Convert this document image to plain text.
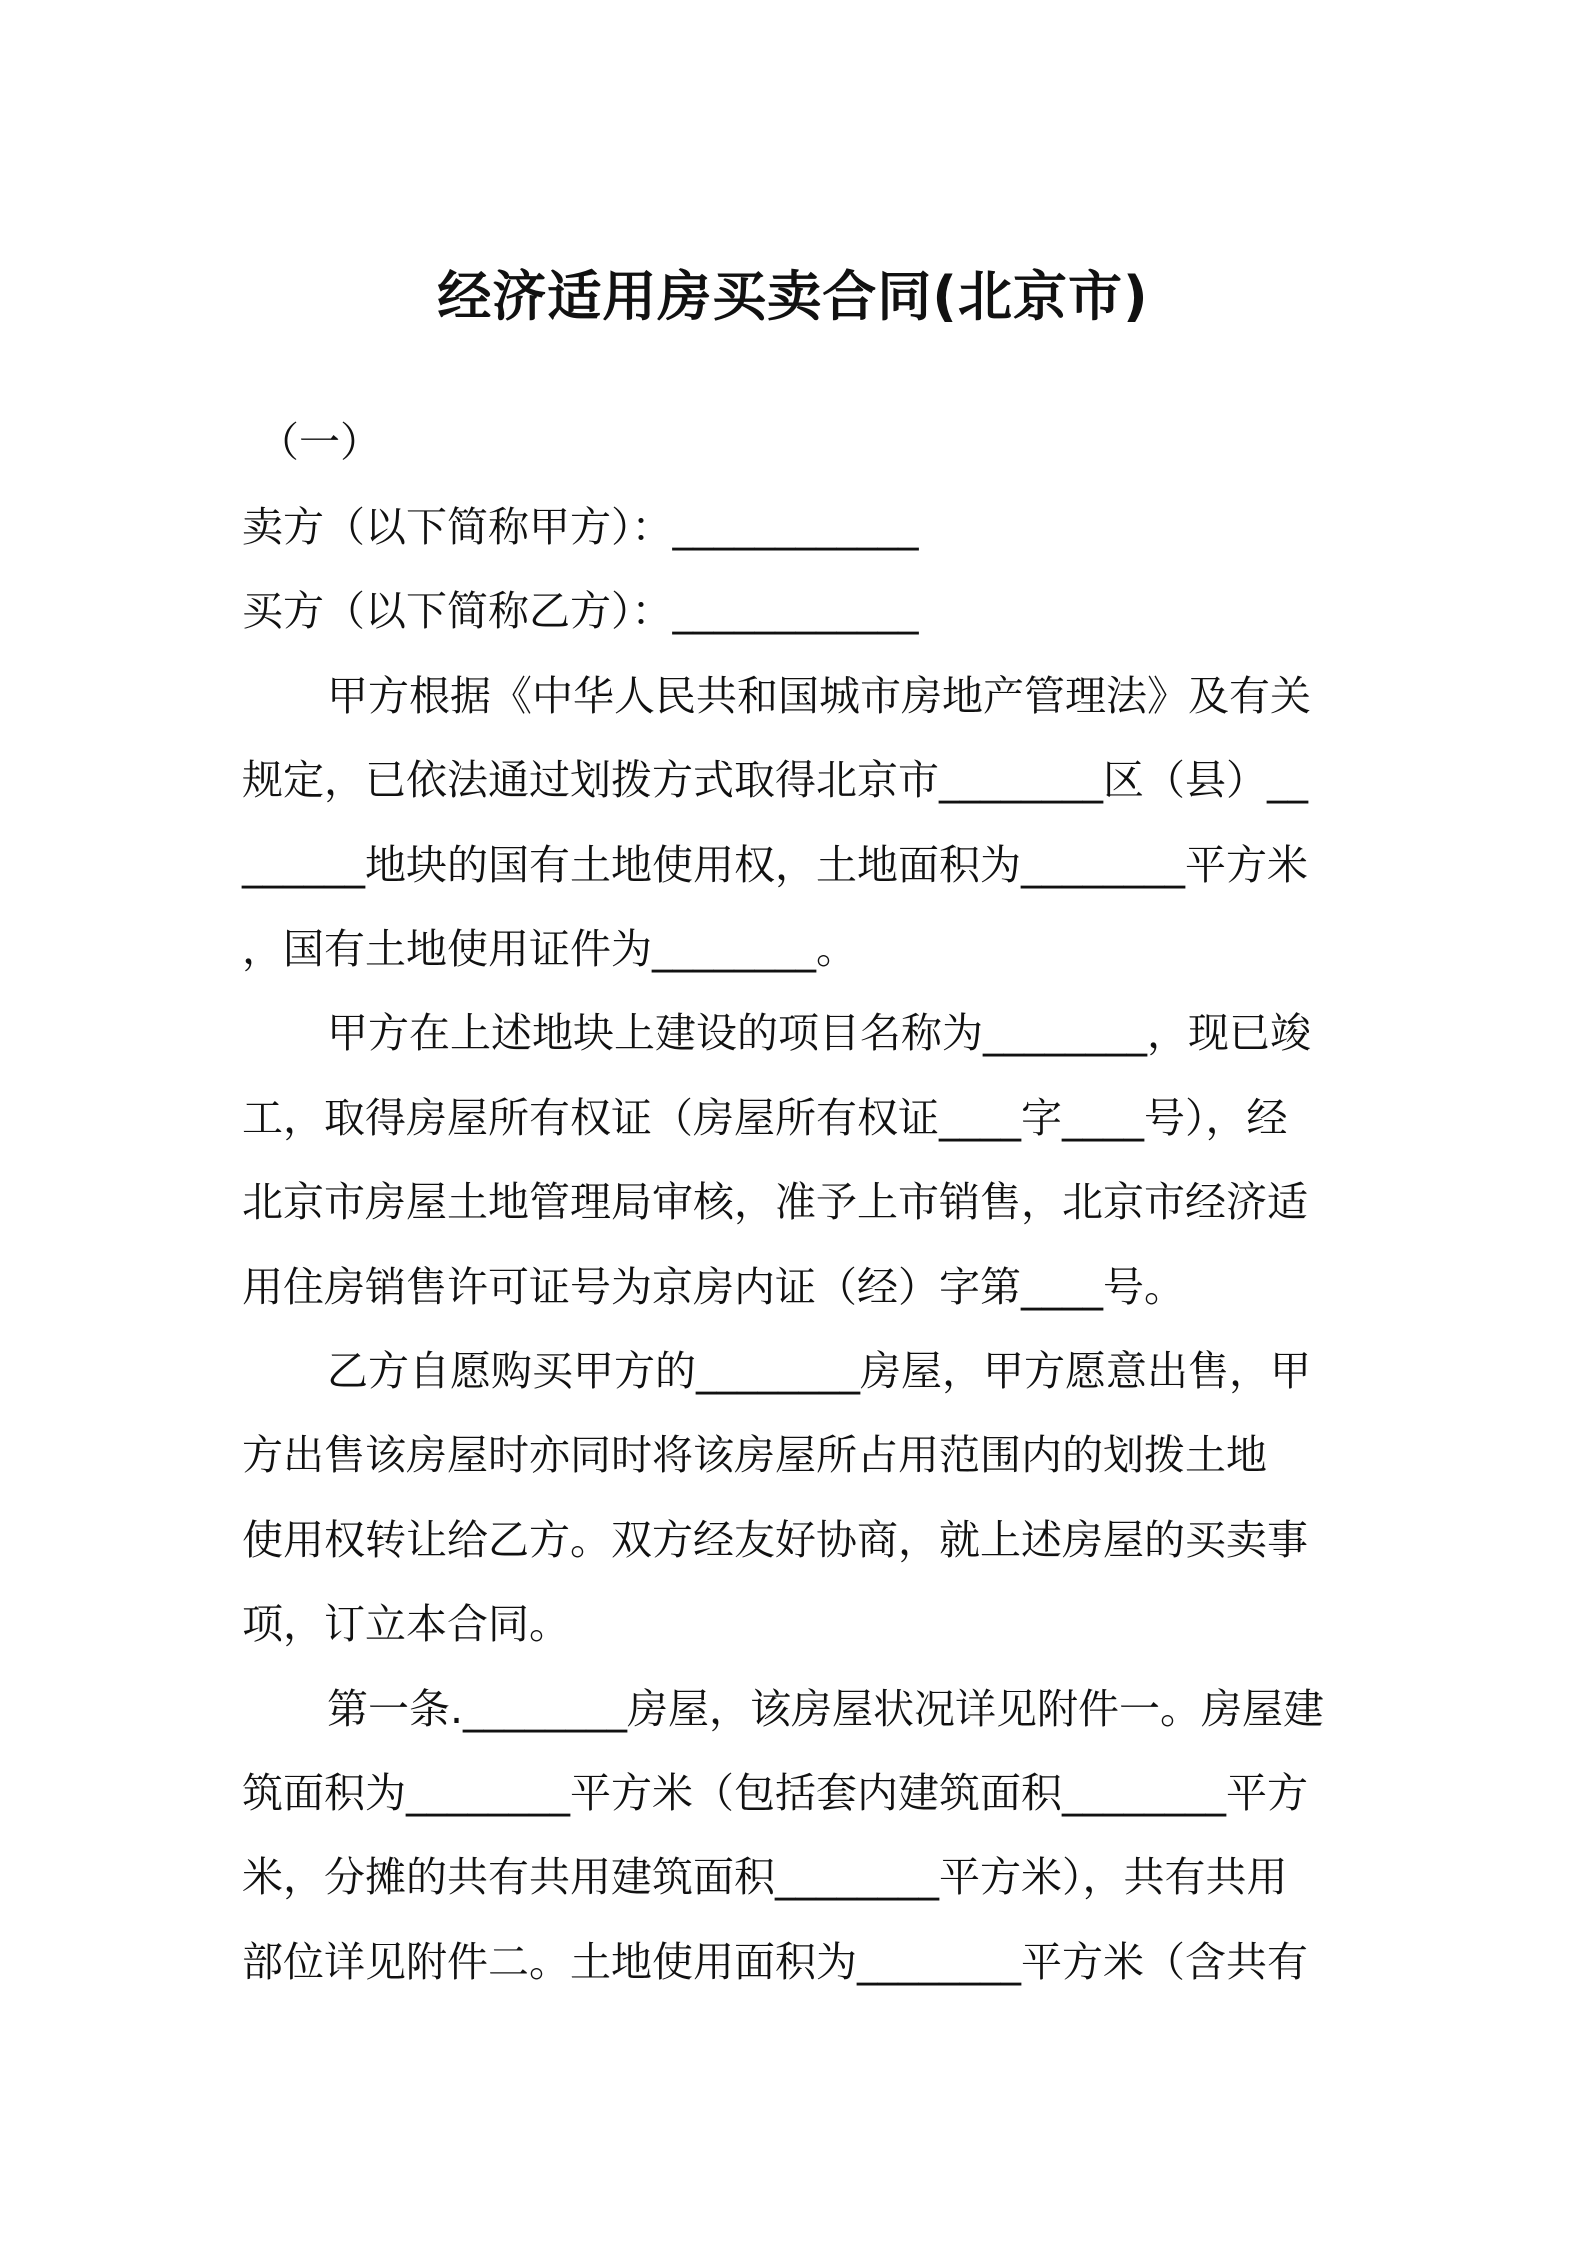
经济适用房买卖合同(北京市)
（一）
卖方（以下简称甲方）：____________
买方（以下简称乙方）：____________
甲方根据《中华人民共和国城市房地产管理法》及有关
规定，已依法通过划拨方式取得北京市________区（县）__
______地块的国有土地使用权，土地面积为________平方米
，国有土地使用证件为________。
甲方在上述地块上建设的项目名称为________，现已竣
工，取得房屋所有权证（房屋所有权证____字____号），经
北京市房屋土地管理局审核，准予上市销售，北京市经济适
用住房销售许可证号为京房内证（经）字第____号。
乙方自愿购买甲方的________房屋，甲方愿意出售，甲
方出售该房屋时亦同时将该房屋所占用范围内的划拨土地
使用权转让给乙方。双方经友好协商，就上述房屋的买卖事
项，订立本合同。
第一条.________房屋，该房屋状况详见附件一。房屋建
筑面积为________平方米（包括套内建筑面积________平方
米，分摊的共有共用建筑面积________平方米），共有共用
部位详见附件二。土地使用面积为________平方米（含共有
